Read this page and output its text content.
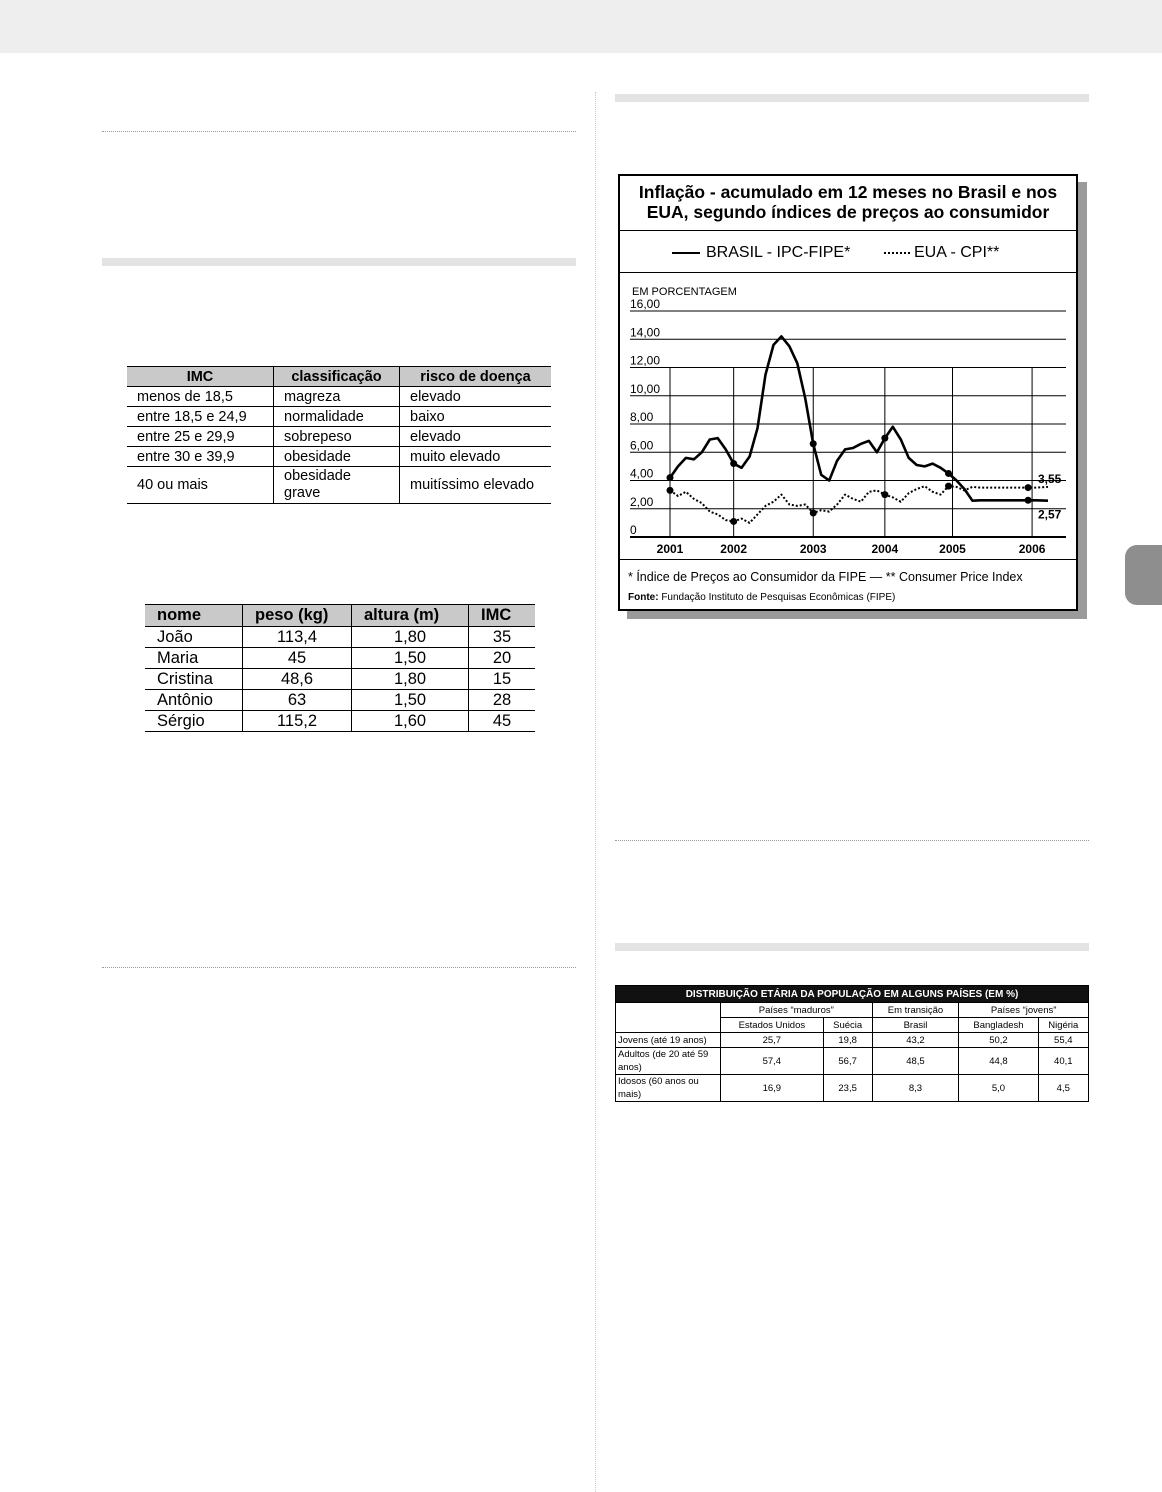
IMC	classificação	risco de doença
menos de 18,5	magreza	elevado
entre 18,5 e 24,9	normalidade	baixo
entre 25 e 29,9	sobrepeso	elevado
entre 30 e 39,9	obesidade	muito elevado
40 ou mais	obesidade grave	muitíssimo elevado
nome	peso (kg)	altura (m)	IMC
João	113,4	1,80	35
Maria	45	1,50	20
Cristina	48,6	1,80	15
Antônio	63	1,50	28
Sérgio	115,2	1,60	45
Inflação - acumulado em 12 meses no Brasil e nos
EUA, segundo índices de preços ao consumidor
BRASIL - IPC-FIPE*	EUA - CPI**
EM PORCENTAGEM
0
2,00
4,00
6,00
8,00
10,00
12,00
14,00
16,00
2001	2002	2003	2004	2005	2006
2,57
3,55
* Índice de Preços ao Consumidor da FIPE — ** Consumer Price Index
Fonte: Fundação Instituto de Pesquisas Econômicas (FIPE)
DISTRIBUIÇÃO ETÁRIA DA POPULAÇÃO EM ALGUNS PAÍSES (EM %)					
	Países “maduros”		Em transição	Países “jovens”	
	Estados Unidos	Suécia	Brasil	Bangladesh	Nigéria
Jovens (até 19 anos)	25,7	19,8	43,2	50,2	55,4
Adultos (de 20 até 59 anos)	57,4	56,7	48,5	44,8	40,1
Idosos (60 anos ou mais)	16,9	23,5	8,3	5,0	4,5
